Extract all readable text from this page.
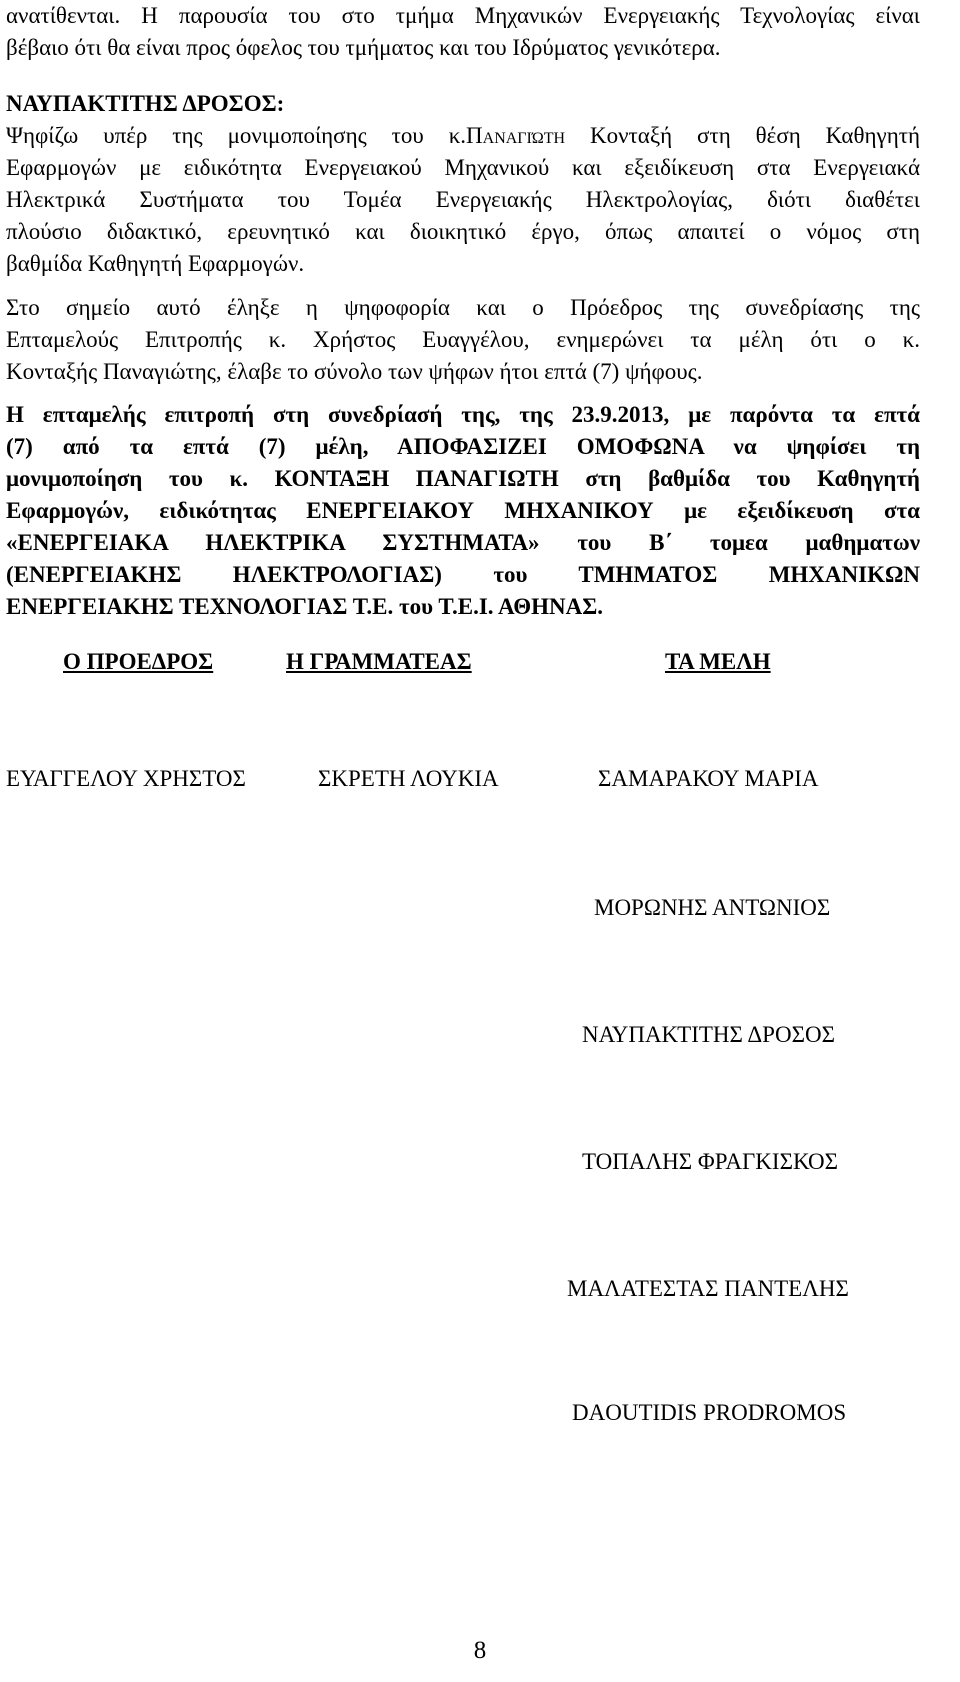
ανατίθενται. Η παρουσία του στο τμήμα Μηχανικών Ενεργειακής Τεχνολογίας είναι
βέβαιο ότι θα είναι προς όφελος του τμήματος και του Ιδρύματος γενικότερα.
ΝΑΥΠΑΚΤΙΤΗΣ ΔΡΟΣΟΣ:
Ψηφίζω υπέρ της μονιμοποίησης του κ.Παναγιώτη Κονταξή στη θέση Καθηγητή
Εφαρμογών με ειδικότητα Ενεργειακού Μηχανικού και εξειδίκευση στα Ενεργειακά
Ηλεκτρικά Συστήματα του Τομέα Ενεργειακής Ηλεκτρολογίας, διότι διαθέτει
πλούσιο διδακτικό, ερευνητικό και διοικητικό έργο, όπως απαιτεί ο νόμος στη
βαθμίδα Καθηγητή Εφαρμογών.
Στο σημείο αυτό έληξε η ψηφοφορία και ο Πρόεδρος της συνεδρίασης της
Επταμελούς Επιτροπής κ. Χρήστος Ευαγγέλου, ενημερώνει τα μέλη ότι ο κ.
Κονταξής Παναγιώτης, έλαβε το σύνολο των ψήφων ήτοι επτά (7) ψήφους.
Η επταμελής επιτροπή στη συνεδρίασή της, της 23.9.2013, με παρόντα τα επτά
(7) από τα επτά (7) μέλη, ΑΠΟΦΑΣΙΖΕΙ ΟΜΟΦΩΝΑ να ψηφίσει τη
μονιμοποίηση του κ. ΚΟΝΤΑΞΗ ΠΑΝΑΓΙΩΤΗ στη βαθμίδα του Καθηγητή
Εφαρμογών, ειδικότητας ΕΝΕΡΓΕΙΑΚΟΥ ΜΗΧΑΝΙΚΟΥ με εξειδίκευση στα
«ΕΝΕΡΓΕΙΑΚΑ ΗΛΕΚΤΡΙΚΑ ΣΥΣΤΗΜΑΤΑ» του Β΄ τομεα μαθηματων
(ΕΝΕΡΓΕΙΑΚΗΣ ΗΛΕΚΤΡΟΛΟΓΙΑΣ) του ΤΜΗΜΑΤΟΣ ΜΗΧΑΝΙΚΩΝ
ΕΝΕΡΓΕΙΑΚΗΣ ΤΕΧΝΟΛΟΓΙΑΣ Τ.Ε. του Τ.Ε.Ι. ΑΘΗΝΑΣ.
Ο ΠΡΟΕΔΡΟΣ	Η ΓΡΑΜΜΑΤΕΑΣ	ΤΑ ΜΕΛΗ
ΕΥΑΓΓΕΛΟΥ ΧΡΗΣΤΟΣ	ΣΚΡΕΤΗ ΛΟΥΚΙΑ	ΣΑΜΑΡΑΚΟΥ ΜΑΡΙΑ
ΜΟΡΩΝΗΣ ΑΝΤΩΝΙΟΣ
ΝΑΥΠΑΚΤΙΤΗΣ ΔΡΟΣΟΣ
ΤΟΠΑΛΗΣ ΦΡΑΓΚΙΣΚΟΣ
ΜΑΛΑΤΕΣΤΑΣ ΠΑΝΤΕΛΗΣ
DAOUTIDIS PRODROMOS
8
